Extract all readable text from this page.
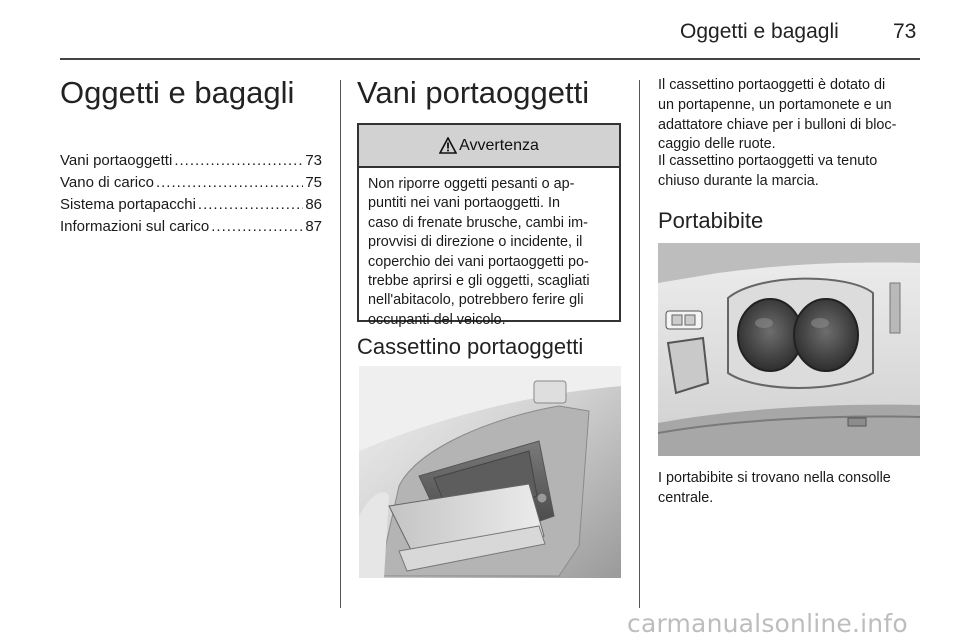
Oggetti e bagagli	73
Oggetti e bagagli
Vani portaoggetti .....	73
Vano di carico .....	75
Sistema portapacchi .....	86
Informazioni sul carico .....	87
Vani portaoggetti
Avvertenza
Non riporre oggetti pesanti o ap-
puntiti nei vani portaoggetti. In
caso di frenate brusche, cambi im-
provvisi di direzione o incidente, il
coperchio dei vani portaoggetti po-
trebbe aprirsi e gli oggetti, scagliati
nell'abitacolo, potrebbero ferire gli
occupanti del veicolo.
Cassettino portaoggetti
Il cassettino portaoggetti è dotato di
un portapenne, un portamonete e un
adattatore chiave per i bulloni di bloc-
caggio delle ruote.
Il cassettino portaoggetti va tenuto
chiuso durante la marcia.
Portabibite
I portabibite si trovano nella consolle
centrale.
carmanualsonline.info
